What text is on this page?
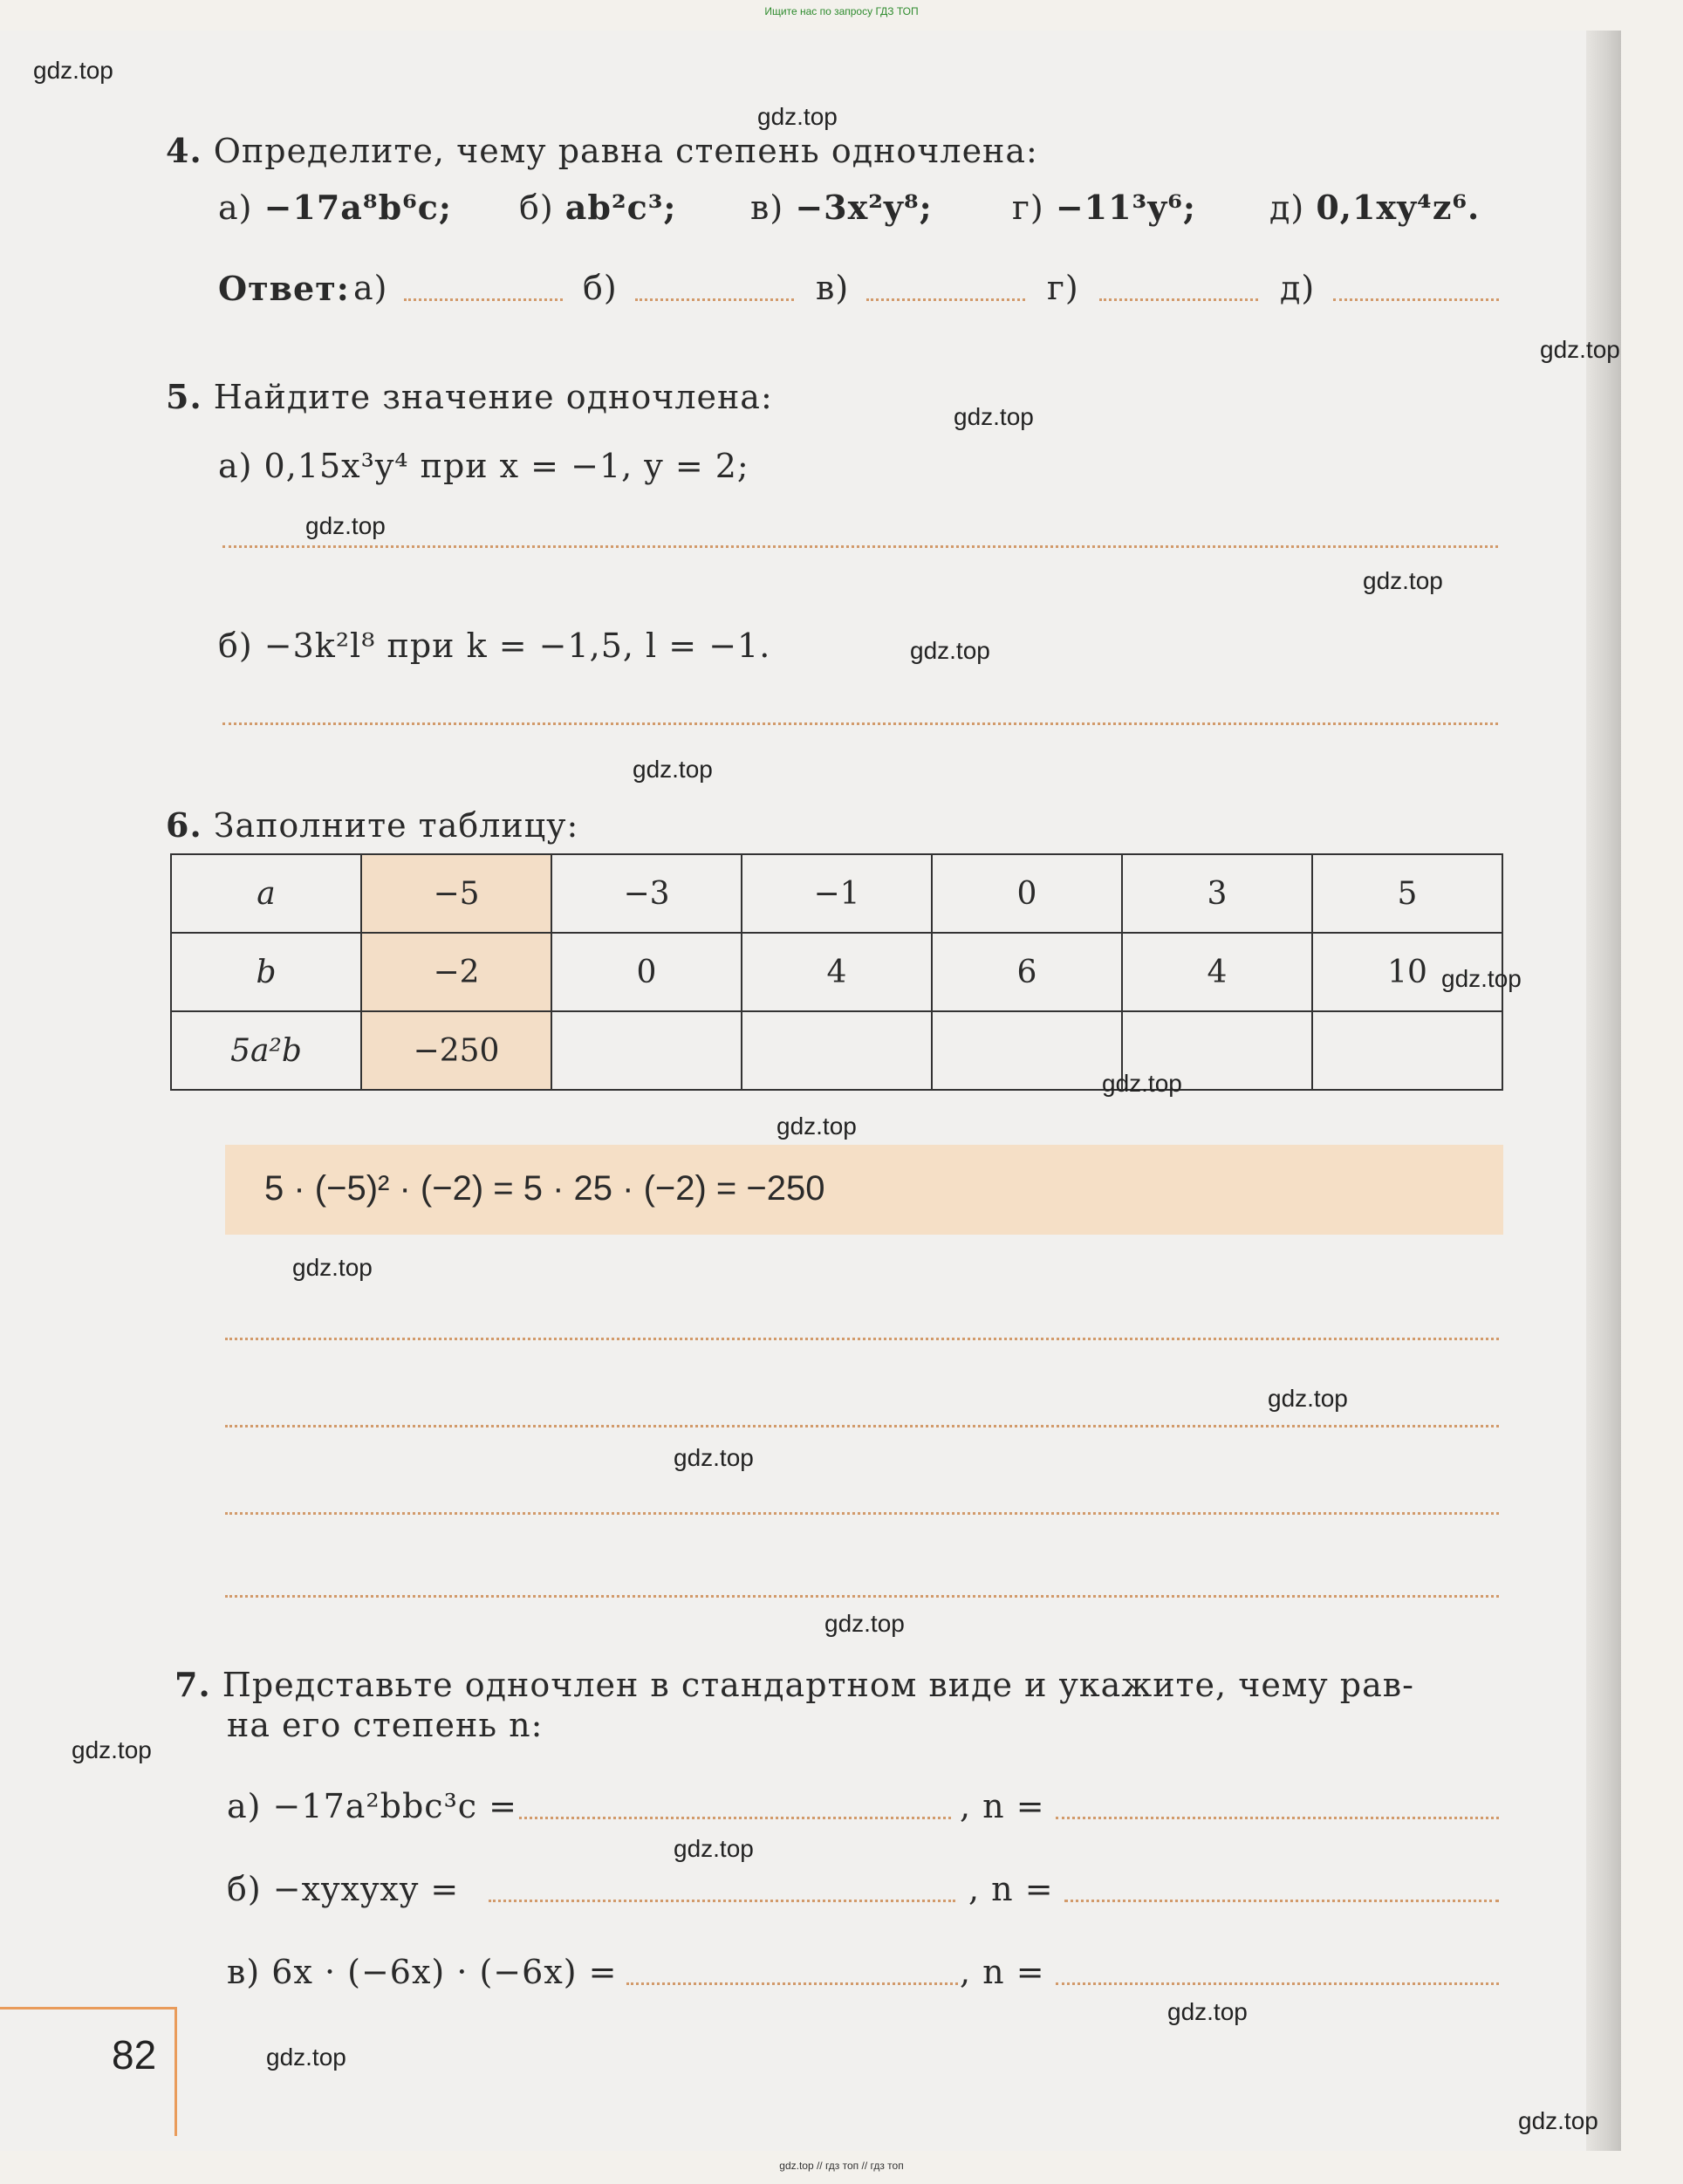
Ищите нас по запросу ГДЗ ТОП
4. Определите, чему равна степень одночлена:
а) −17a⁸b⁶c; б) ab²c³; в) −3x²y⁸; г) −11³y⁶; д) 0,1xy⁴z⁶.
Ответ: а)	б)	в)	г)	д)
5. Найдите значение одночлена:
а) 0,15x³y⁴ при x = −1, y = 2;
б) −3k²l⁸ при k = −1,5, l = −1.
6. Заполните таблицу:
a	−5	−3	−1	0	3	5
b	−2	0	4	6	4	10
5a²b	−250					
5 · (−5)² · (−2) = 5 · 25 · (−2) = −250
7. Представьте одночлен в стандартном виде и укажите, чему рав-
на его степень n:
а) −17a²bbc³c =	, n =
б) −xyxyxy =	, n =
в) 6x · (−6x) · (−6x) =	, n =
82
gdz.top
gdz.top
gdz.top
gdz.top
gdz.top
gdz.top
gdz.top
gdz.top
gdz.top
gdz.top
gdz.top
gdz.top
gdz.top
gdz.top
gdz.top
gdz.top
gdz.top
gdz.top
gdz.top
gdz.top
gdz.top // гдз топ // гдз топ
